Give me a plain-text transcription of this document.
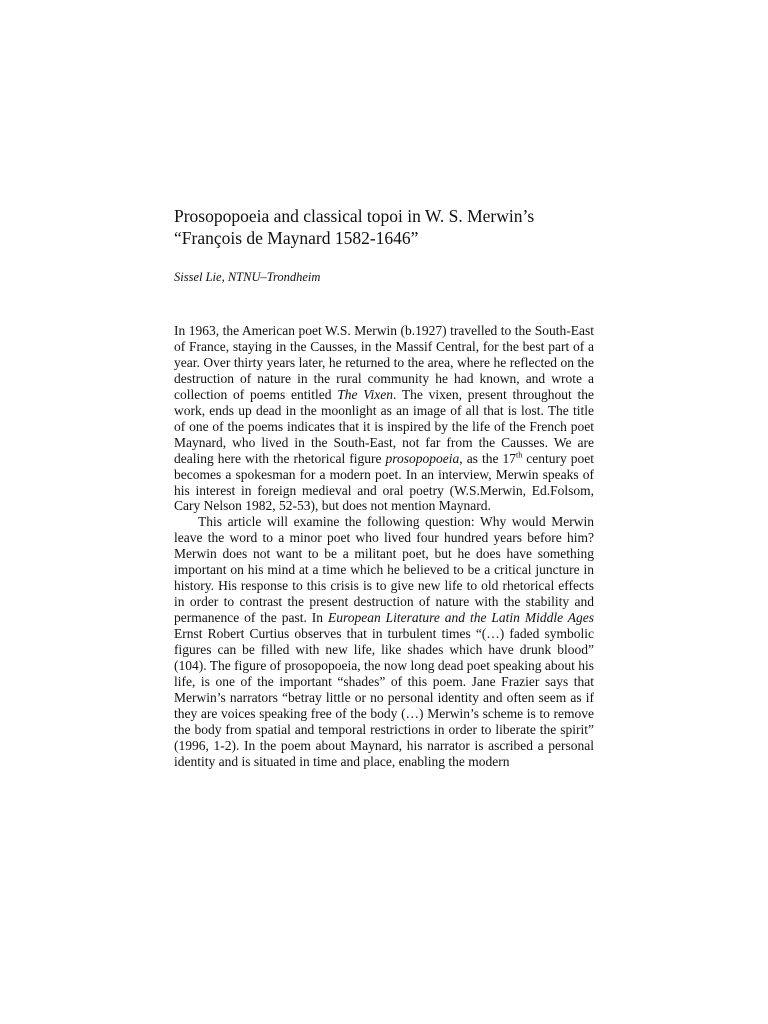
Prosopopoeia and classical topoi in W. S. Merwin’s
“François de Maynard 1582-1646”
Sissel Lie, NTNU–Trondheim

In 1963, the American poet W.S. Merwin (b.1927) travelled to the South-East of France, staying in the Causses, in the Massif Central, for the best part of a year. Over thirty years later, he returned to the area, where he reflected on the destruction of nature in the rural community he had known, and wrote a collection of poems entitled The Vixen. The vixen, present throughout the work, ends up dead in the moonlight as an image of all that is lost. The title of one of the poems indicates that it is inspired by the life of the French poet Maynard, who lived in the South-East, not far from the Causses. We are dealing here with the rhetorical figure prosopopoeia, as the 17th century poet becomes a spokesman for a modern poet. In an interview, Merwin speaks of his interest in foreign medieval and oral poetry (W.S.Merwin, Ed.Folsom, Cary Nelson 1982, 52-53), but does not mention Maynard.

This article will examine the following question: Why would Merwin leave the word to a minor poet who lived four hundred years before him? Merwin does not want to be a militant poet, but he does have something important on his mind at a time which he believed to be a critical juncture in history. His response to this crisis is to give new life to old rhetorical effects in order to contrast the present destruction of nature with the stability and permanence of the past. In European Literature and the Latin Middle Ages Ernst Robert Curtius observes that in turbulent times “(…) faded symbolic figures can be filled with new life, like shades which have drunk blood” (104). The figure of prosopopoeia, the now long dead poet speaking about his life, is one of the important “shades” of this poem. Jane Frazier says that Merwin’s narrators “betray little or no personal identity and often seem as if they are voices speaking free of the body (…) Merwin’s scheme is to remove the body from spatial and temporal restrictions in order to liberate the spirit” (1996, 1-2). In the poem about Maynard, his narrator is ascribed a personal identity and is situated in time and place, enabling the modern
